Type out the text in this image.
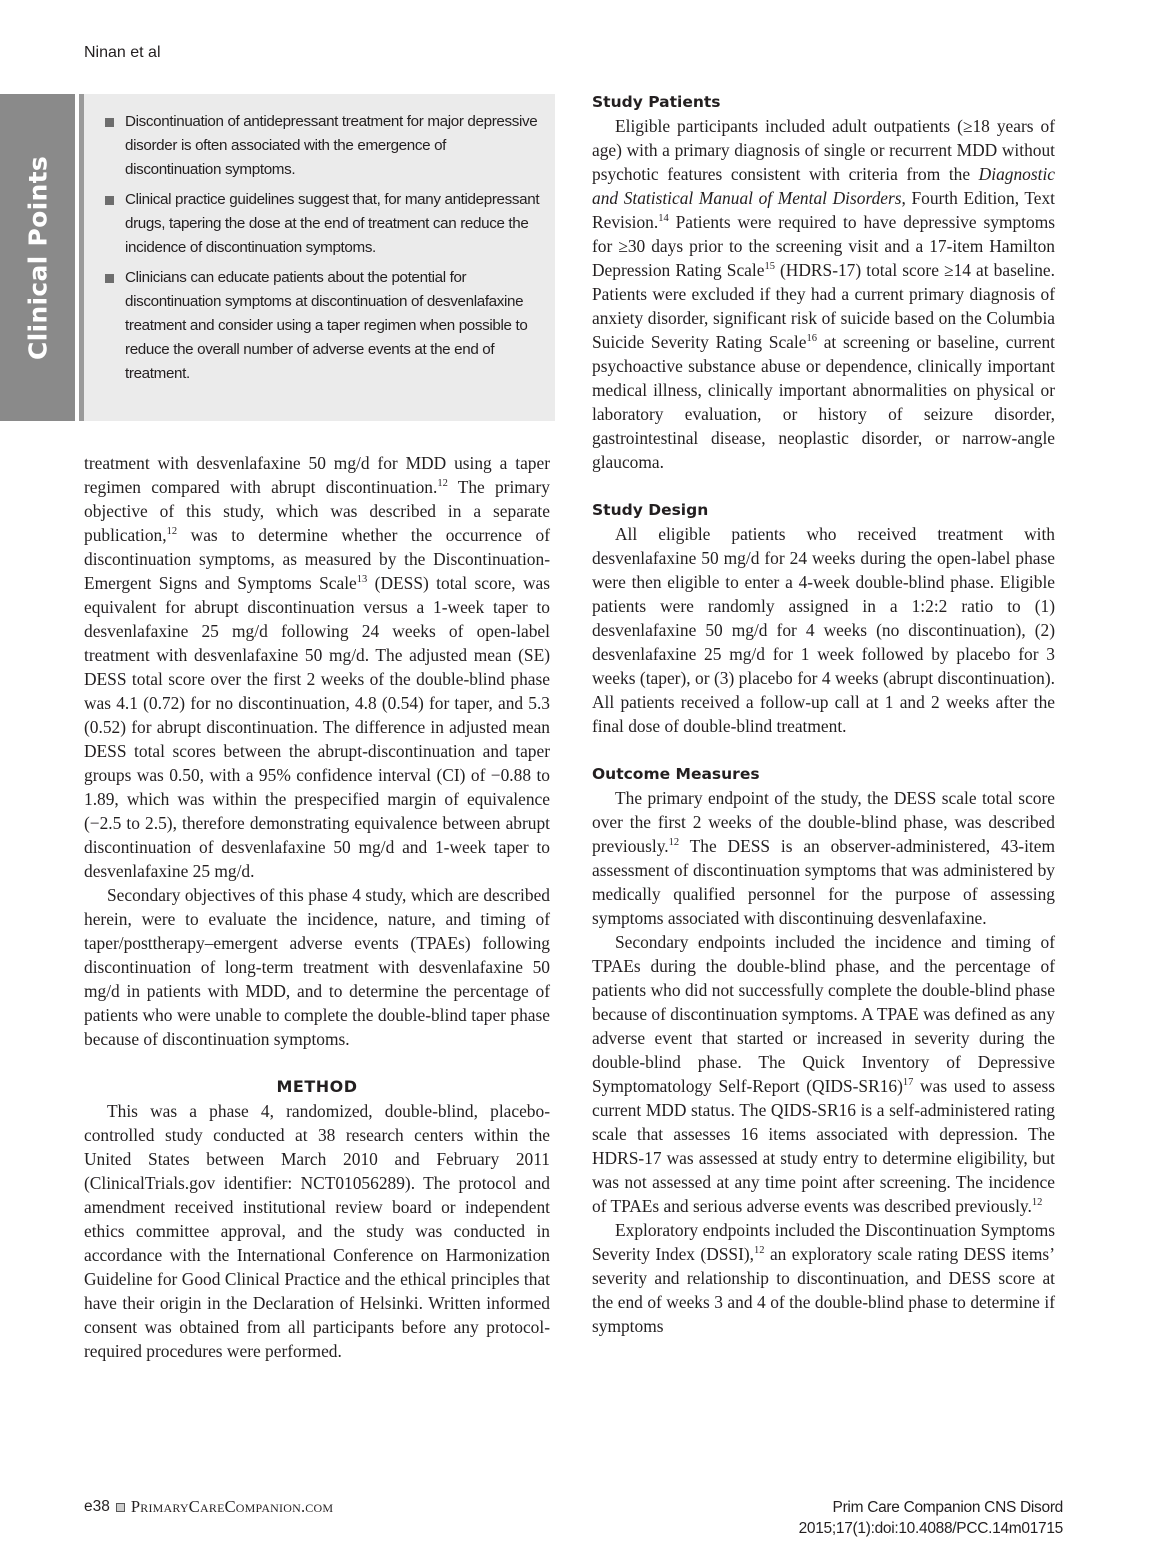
Ninan et al
Clinical Points
Discontinuation of antidepressant treatment for major depressive disorder is often associated with the emergence of discontinuation symptoms.
Clinical practice guidelines suggest that, for many antidepressant drugs, tapering the dose at the end of treatment can reduce the incidence of discontinuation symptoms.
Clinicians can educate patients about the potential for discontinuation symptoms at discontinuation of desvenlafaxine treatment and consider using a taper regimen when possible to reduce the overall number of adverse events at the end of treatment.

treatment with desvenlafaxine 50 mg/d for MDD using a taper regimen compared with abrupt discontinuation.$^{12}$ The primary objective of this study, which was described in a separate publication,$^{12}$ was to determine whether the occurrence of discontinuation symptoms, as measured by the Discontinuation-Emergent Signs and Symptoms Scale$^{13}$ (DESS) total score, was equivalent for abrupt discontinuation versus a 1-week taper to desvenlafaxine 25 mg/d following 24 weeks of open-label treatment with desvenlafaxine 50 mg/d. The adjusted mean (SE) DESS total score over the first 2 weeks of the double-blind phase was 4.1 (0.72) for no discontinuation, 4.8 (0.54) for taper, and 5.3 (0.52) for abrupt discontinuation. The difference in adjusted mean DESS total scores between the abrupt-discontinuation and taper groups was 0.50, with a 95% confidence interval (CI) of −0.88 to 1.89, which was within the prespecified margin of equivalence (−2.5 to 2.5), therefore demonstrating equivalence between abrupt discontinuation of desvenlafaxine 50 mg/d and 1-week taper to desvenlafaxine 25 mg/d.

Secondary objectives of this phase 4 study, which are described herein, were to evaluate the incidence, nature, and timing of taper/posttherapy–emergent adverse events (TPAEs) following discontinuation of long-term treatment with desvenlafaxine 50 mg/d in patients with MDD, and to determine the percentage of patients who were unable to complete the double-blind taper phase because of discontinuation symptoms.

METHOD

This was a phase 4, randomized, double-blind, placebo-controlled study conducted at 38 research centers within the United States between March 2010 and February 2011 (ClinicalTrials.gov identifier: NCT01056289). The protocol and amendment received institutional review board or independent ethics committee approval, and the study was conducted in accordance with the International Conference on Harmonization Guideline for Good Clinical Practice and the ethical principles that have their origin in the Declaration of Helsinki. Written informed consent was obtained from all participants before any protocol-required procedures were performed.

Study Patients

Eligible participants included adult outpatients (≥18 years of age) with a primary diagnosis of single or recurrent MDD without psychotic features consistent with criteria from the Diagnostic and Statistical Manual of Mental Disorders, Fourth Edition, Text Revision.$^{14}$ Patients were required to have depressive symptoms for ≥30 days prior to the screening visit and a 17-item Hamilton Depression Rating Scale$^{15}$ (HDRS-17) total score ≥14 at baseline. Patients were excluded if they had a current primary diagnosis of anxiety disorder, significant risk of suicide based on the Columbia Suicide Severity Rating Scale$^{16}$ at screening or baseline, current psychoactive substance abuse or dependence, clinically important medical illness, clinically important abnormalities on physical or laboratory evaluation, or history of seizure disorder, gastrointestinal disease, neoplastic disorder, or narrow-angle glaucoma.

Study Design

All eligible patients who received treatment with desvenlafaxine 50 mg/d for 24 weeks during the open-label phase were then eligible to enter a 4-week double-blind phase. Eligible patients were randomly assigned in a 1:2:2 ratio to (1) desvenlafaxine 50 mg/d for 4 weeks (no discontinuation), (2) desvenlafaxine 25 mg/d for 1 week followed by placebo for 3 weeks (taper), or (3) placebo for 4 weeks (abrupt discontinuation). All patients received a follow-up call at 1 and 2 weeks after the final dose of double-blind treatment.

Outcome Measures

The primary endpoint of the study, the DESS scale total score over the first 2 weeks of the double-blind phase, was described previously.$^{12}$ The DESS is an observer-administered, 43-item assessment of discontinuation symptoms that was administered by medically qualified personnel for the purpose of assessing symptoms associated with discontinuing desvenlafaxine.

Secondary endpoints included the incidence and timing of TPAEs during the double-blind phase, and the percentage of patients who did not successfully complete the double-blind phase because of discontinuation symptoms. A TPAE was defined as any adverse event that started or increased in severity during the double-blind phase. The Quick Inventory of Depressive Symptomatology Self-Report (QIDS-SR16)$^{17}$ was used to assess current MDD status. The QIDS-SR16 is a self-administered rating scale that assesses 16 items associated with depression. The HDRS-17 was assessed at study entry to determine eligibility, but was not assessed at any time point after screening. The incidence of TPAEs and serious adverse events was described previously.$^{12}$

Exploratory endpoints included the Discontinuation Symptoms Severity Index (DSSI),$^{12}$ an exploratory scale rating DESS items’ severity and relationship to discontinuation, and DESS score at the end of weeks 3 and 4 of the double-blind phase to determine if symptoms

e38 PrimaryCareCompanion.com	Prim Care Companion CNS Disord
2015;17(1):doi:10.4088/PCC.14m01715
